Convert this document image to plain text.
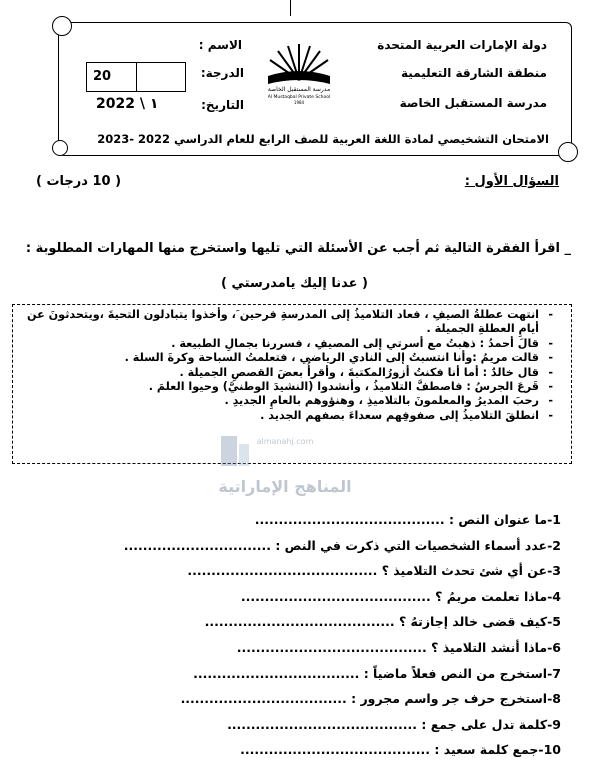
دولة الإمارات العربية المتحدة
منطقة الشارقة التعليمية
مدرسة المستقبل الخاصة
الاسم :
الدرجة:
20
التاريخ:
2022 \ ١
مدرسة المستقبل الخاصة
Al Mustaqbal Private School
1984
الامتحان التشخيصي لمادة اللغة العربية للصف الرابع للعام الدراسي 2022 -2023
السؤال الأول :
( 10 درجات )
_ اقرأ الفقرة التالية ثم أجب عن الأسئلة التي تليها واستخرج منها المهارات المطلوبة :
( عدنا إليك يامدرستي )
- انتهت عطلةُ الصيفِ ، فعاد التلاميذُ إلى المدرسةِ فرحين َ، وأخذوا يتبادلون التحيةَ ،ويتحدثونَ عن أيامِ العطلةِ الجميلة .
- قالَ أحمدُ : ذهبتُ مع أسرتي إلى المصيفِ ، فسررنا بجمالِ الطبيعة .
- قالت مريمُ :وأنا انتسبتُ إلى النادي الرياضي ، فتعلمتُ السباحة وكرةَ السلة .
- قال خالدٌ : أما أنا فكنتُ أزورُالمكتبةَ ، وأقرأُ بعضَ القصصِ الجميلة .
- قَرعَ الجرسُ : فاصطفَّ التلاميذُ ، وأنشدوا (النشيدَ الوطنيَّ) وحيوا العلمَ .
- رحبَ المديرُ والمعلمونَ بالتلاميذِ ، وهنؤوهم بالعامِ الجديدِ .
- انطلقَ التلاميذُ إلى صفوفِهم سعداءَ بصفهم الجديد .
almanahj.com
المناهج الإماراتية
1-ما عنوان النص : ........................................
2-عدد أسماء الشخصيات التي ذكرت في النص : ...............................
3-عن أي شئ تحدث التلاميذ ؟ ........................................
4-ماذا تعلمت مريمُ ؟ ........................................
5-كيف قضى خالد إجازتهُ ؟ ........................................
6-ماذا أنشد التلاميذ ؟ ........................................
7-استخرج من النص فعلاً ماضياً : ...................................
8-استخرج حرف جر واسم مجرور : ...................................
9-كلمة تدل على جمع : ........................................
10-جمع كلمة سعيد : ........................................
